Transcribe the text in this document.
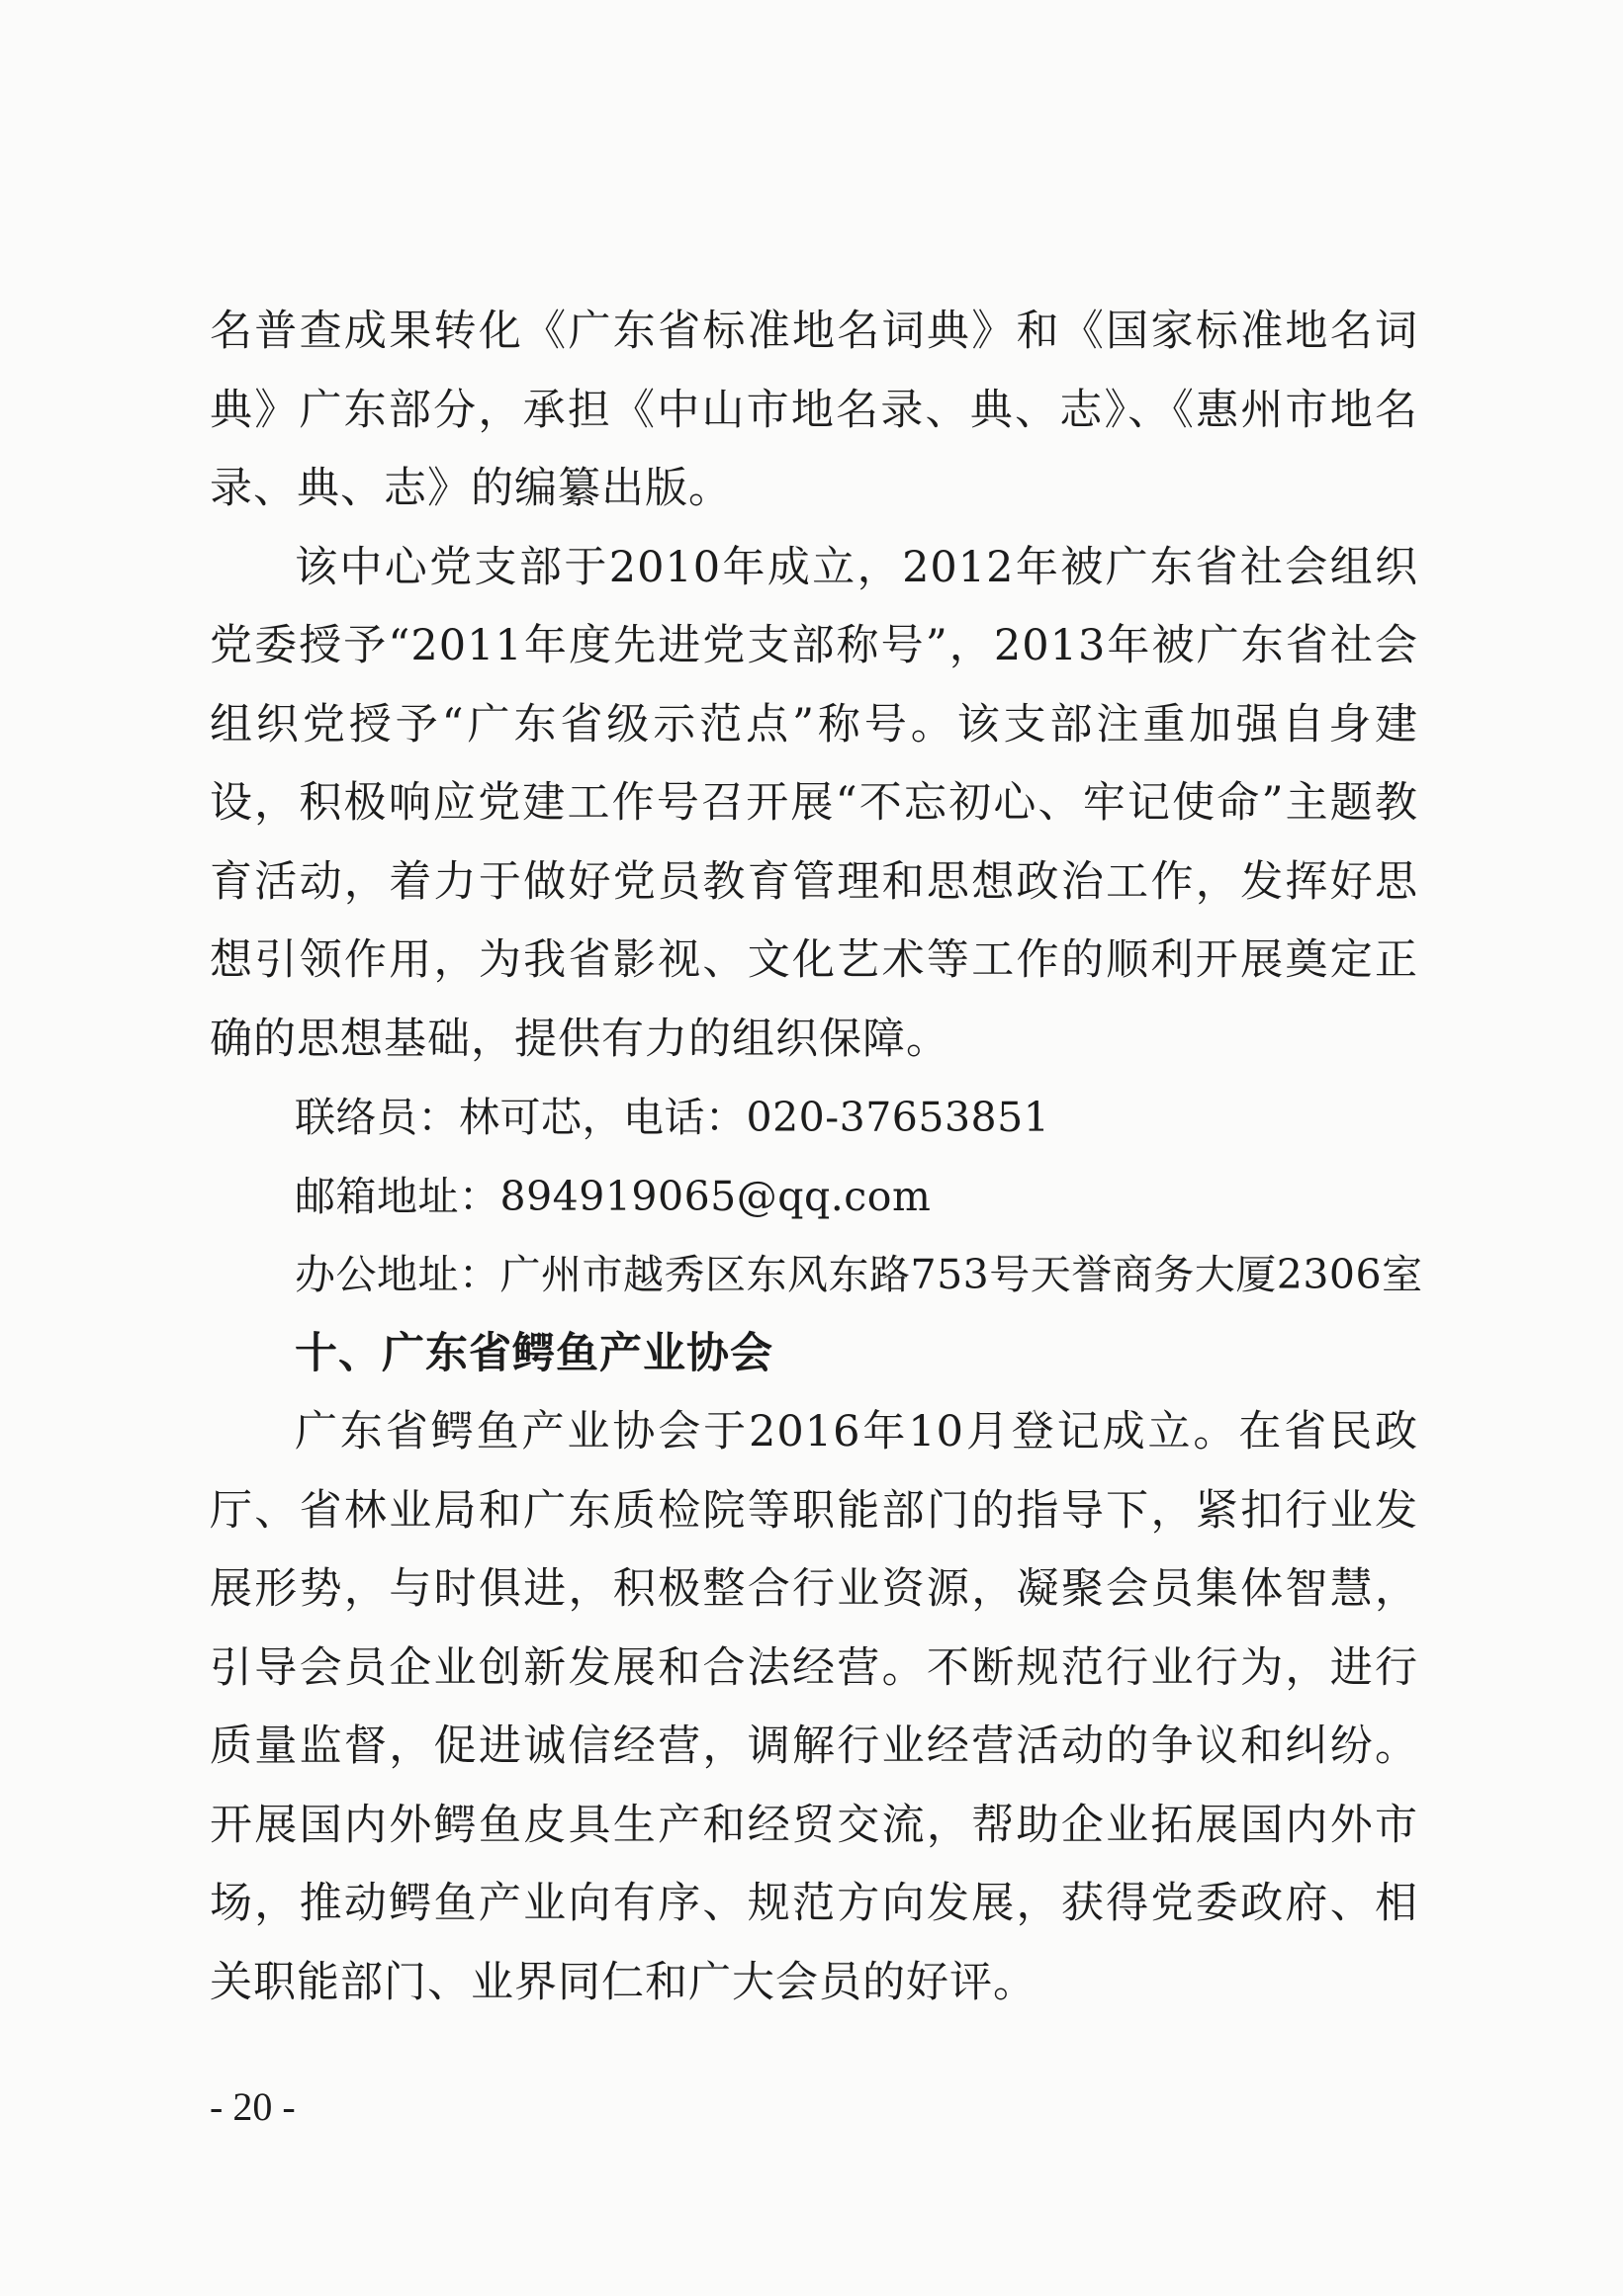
名普查成果转化《广东省标准地名词典》和《国家标准地名词典》广东部分，承担《中山市地名录、典、志》、《惠州市地名录、典、志》的编纂出版。

该中心党支部于2010年成立，2012年被广东省社会组织党委授予“2011年度先进党支部称号”，2013年被广东省社会组织党授予“广东省级示范点”称号。该支部注重加强自身建设，积极响应党建工作号召开展“不忘初心、牢记使命”主题教育活动，着力于做好党员教育管理和思想政治工作，发挥好思想引领作用，为我省影视、文化艺术等工作的顺利开展奠定正确的思想基础，提供有力的组织保障。

联络员：林可芯，电话：020-37653851

邮箱地址：894919065@qq.com

办公地址：广州市越秀区东风东路753号天誉商务大厦2306室

十、广东省鳄鱼产业协会

广东省鳄鱼产业协会于2016年10月登记成立。在省民政厅、省林业局和广东质检院等职能部门的指导下，紧扣行业发展形势，与时俱进，积极整合行业资源，凝聚会员集体智慧，引导会员企业创新发展和合法经营。不断规范行业行为，进行质量监督，促进诚信经营，调解行业经营活动的争议和纠纷。开展国内外鳄鱼皮具生产和经贸交流，帮助企业拓展国内外市场，推动鳄鱼产业向有序、规范方向发展，获得党委政府、相关职能部门、业界同仁和广大会员的好评。

- 20 -
